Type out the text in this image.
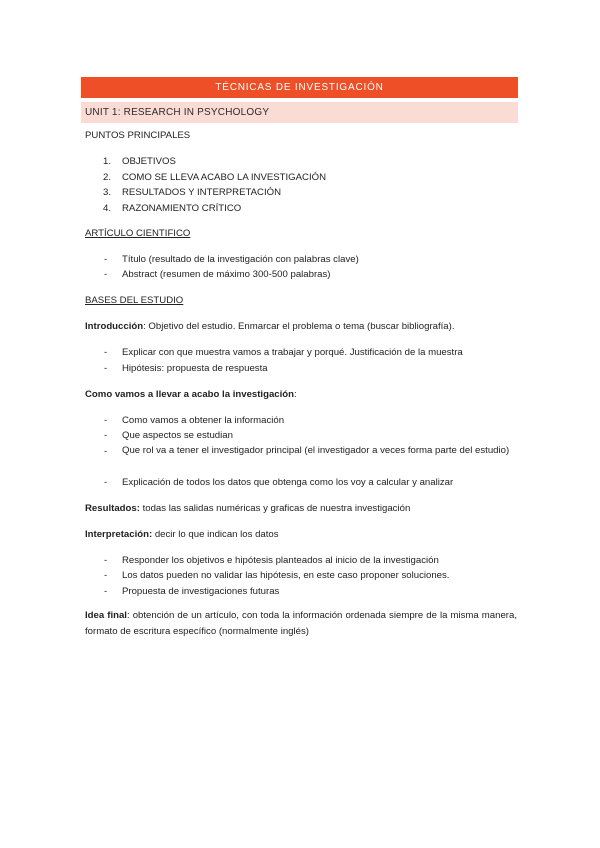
TÉCNICAS DE INVESTIGACIÓN
UNIT 1: RESEARCH IN PSYCHOLOGY
PUNTOS PRINCIPALES
1. OBJETIVOS
2. COMO SE LLEVA ACABO LA INVESTIGACIÓN
3. RESULTADOS Y INTERPRETACIÓN
4. RAZONAMIENTO CRÍTICO
ARTÍCULO CIENTIFICO
- Título (resultado de la investigación con palabras clave)
- Abstract (resumen de máximo 300-500 palabras)
BASES DEL ESTUDIO
Introducción: Objetivo del estudio. Enmarcar el problema o tema (buscar bibliografía).
- Explicar con que muestra vamos a trabajar y porqué. Justificación de la muestra
- Hipótesis: propuesta de respuesta
Como vamos a llevar a acabo la investigación:
- Como vamos a obtener la información
- Que aspectos se estudian
- Que rol va a tener el investigador principal (el investigador a veces forma parte del estudio)
- Explicación de todos los datos que obtenga como los voy a calcular y analizar
Resultados: todas las salidas numéricas y graficas de nuestra investigación
Interpretación: decir lo que indican los datos
- Responder los objetivos e hipótesis planteados al inicio de la investigación
- Los datos pueden no validar las hipótesis, en este caso proponer soluciones.
- Propuesta de investigaciones futuras
Idea final: obtención de un artículo, con toda la información ordenada siempre de la misma manera, formato de escritura específico (normalmente inglés)
